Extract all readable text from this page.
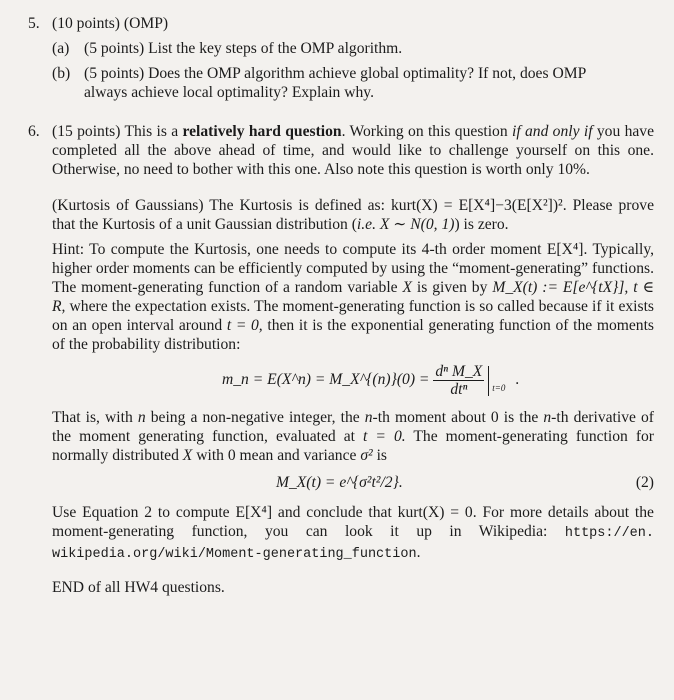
5. (10 points) (OMP)

(a) (5 points) List the key steps of the OMP algorithm.
(b) (5 points) Does the OMP algorithm achieve global optimality? If not, does OMP
always achieve local optimality? Explain why.
6. (15 points) This is a relatively hard question. Working on this question if and only if you have completed all the above ahead of time, and would like to challenge yourself on this one. Otherwise, no need to bother with this one. Also note this question is worth only 10%.

(Kurtosis of Gaussians) The Kurtosis is defined as: kurt(X) = E[X⁴]−3(E[X²])². Please prove that the Kurtosis of a unit Gaussian distribution (i.e. X ∼ N(0, 1)) is zero.

Hint: To compute the Kurtosis, one needs to compute its 4-th order moment E[X⁴]. Typically, higher order moments can be efficiently computed by using the “moment-generating” functions. The moment-generating function of a random variable X is given by M_X(t) := E[e^{tX}], t ∈ R, where the expectation exists. The moment-generating function is so called because if it exists on an open interval around t = 0, then it is the exponential generating function of the moments of the probability distribution:

m_n = E(X^n) = M_X^{(n)}(0) = $\frac{\text{dⁿ M\_X}}{\text{dtⁿ}} t=0$ .

That is, with n being a non-negative integer, the n-th moment about 0 is the n-th derivative of the moment generating function, evaluated at t = 0. The moment-generating function for normally distributed X with 0 mean and variance σ² is

M_X(t) = e^{σ²t²/2}.	(2)

Use Equation 2 to compute E[X⁴] and conclude that kurt(X) = 0. For more details about the moment-generating function, you can look it up in Wikipedia: https://en. wikipedia.org/wiki/Moment-generating_function.

END of all HW4 questions.
